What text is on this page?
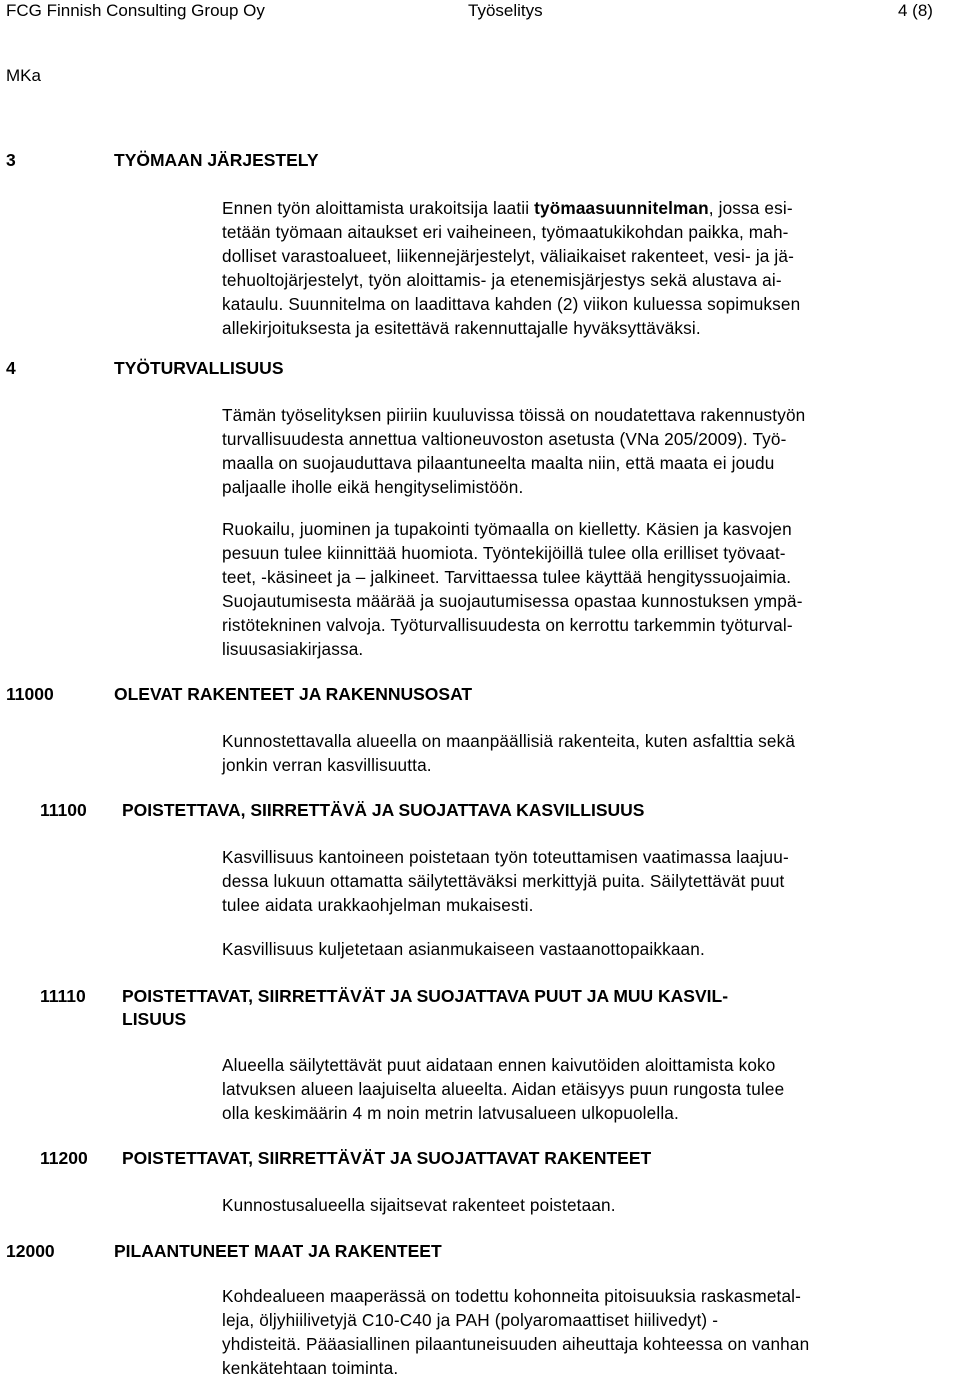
FCG Finnish Consulting Group Oy	Työselitys	4 (8)
MKa
3	TYÖMAAN JÄRJESTELY
Ennen työn aloittamista urakoitsija laatii työmaasuunnitelman, jossa esi-
tetään työmaan aitaukset eri vaiheineen, työmaatukikohdan paikka, mah-
dolliset varastoalueet, liikennejärjestelyt, väliaikaiset rakenteet, vesi- ja jä-
tehuoltojärjestelyt, työn aloittamis- ja etenemisjärjestys sekä alustava ai-
kataulu. Suunnitelma on laadittava kahden (2) viikon kuluessa sopimuksen
allekirjoituksesta ja esitettävä rakennuttajalle hyväksyttäväksi.
4	TYÖTURVALLISUUS
Tämän työselityksen piiriin kuuluvissa töissä on noudatettava rakennustyön
turvallisuudesta annettua valtioneuvoston asetusta (VNa 205/2009). Työ-
maalla on suojauduttava pilaantuneelta maalta niin, että maata ei joudu
paljaalle iholle eikä hengityselimistöön.
Ruokailu, juominen ja tupakointi työmaalla on kielletty. Käsien ja kasvojen
pesuun tulee kiinnittää huomiota. Työntekijöillä tulee olla erilliset työvaat-
teet, -käsineet ja – jalkineet. Tarvittaessa tulee käyttää hengityssuojaimia.
Suojautumisesta määrää ja suojautumisessa opastaa kunnostuksen ympä-
ristötekninen valvoja. Työturvallisuudesta on kerrottu tarkemmin työturval-
lisuusasiakirjassa.
11000	OLEVAT RAKENTEET JA RAKENNUSOSAT
Kunnostettavalla alueella on maanpäällisiä rakenteita, kuten asfalttia sekä
jonkin verran kasvillisuutta.
11100 POISTETTAVA, SIIRRETTÄVÄ JA SUOJATTAVA KASVILLISUUS
Kasvillisuus kantoineen poistetaan työn toteuttamisen vaatimassa laajuu-
dessa lukuun ottamatta säilytettäväksi merkittyjä puita. Säilytettävät puut
tulee aidata urakkaohjelman mukaisesti.
Kasvillisuus kuljetetaan asianmukaiseen vastaanottopaikkaan.
11110 POISTETTAVAT, SIIRRETTÄVÄT JA SUOJATTAVA PUUT JA MUU KASVIL-
LISUUS
Alueella säilytettävät puut aidataan ennen kaivutöiden aloittamista koko
latvuksen alueen laajuiselta alueelta. Aidan etäisyys puun rungosta tulee
olla keskimäärin 4 m noin metrin latvusalueen ulkopuolella.
11200 POISTETTAVAT, SIIRRETTÄVÄT JA SUOJATTAVAT RAKENTEET
Kunnostusalueella sijaitsevat rakenteet poistetaan.
12000	PILAANTUNEET MAAT JA RAKENTEET
Kohdealueen maaperässä on todettu kohonneita pitoisuuksia raskasmetal-
leja, öljyhiilivetyjä C10-C40 ja PAH (polyaromaattiset hiilivedyt) -
yhdisteitä. Pääasiallinen pilaantuneisuuden aiheuttaja kohteessa on vanhan
kenkätehtaan toiminta.
